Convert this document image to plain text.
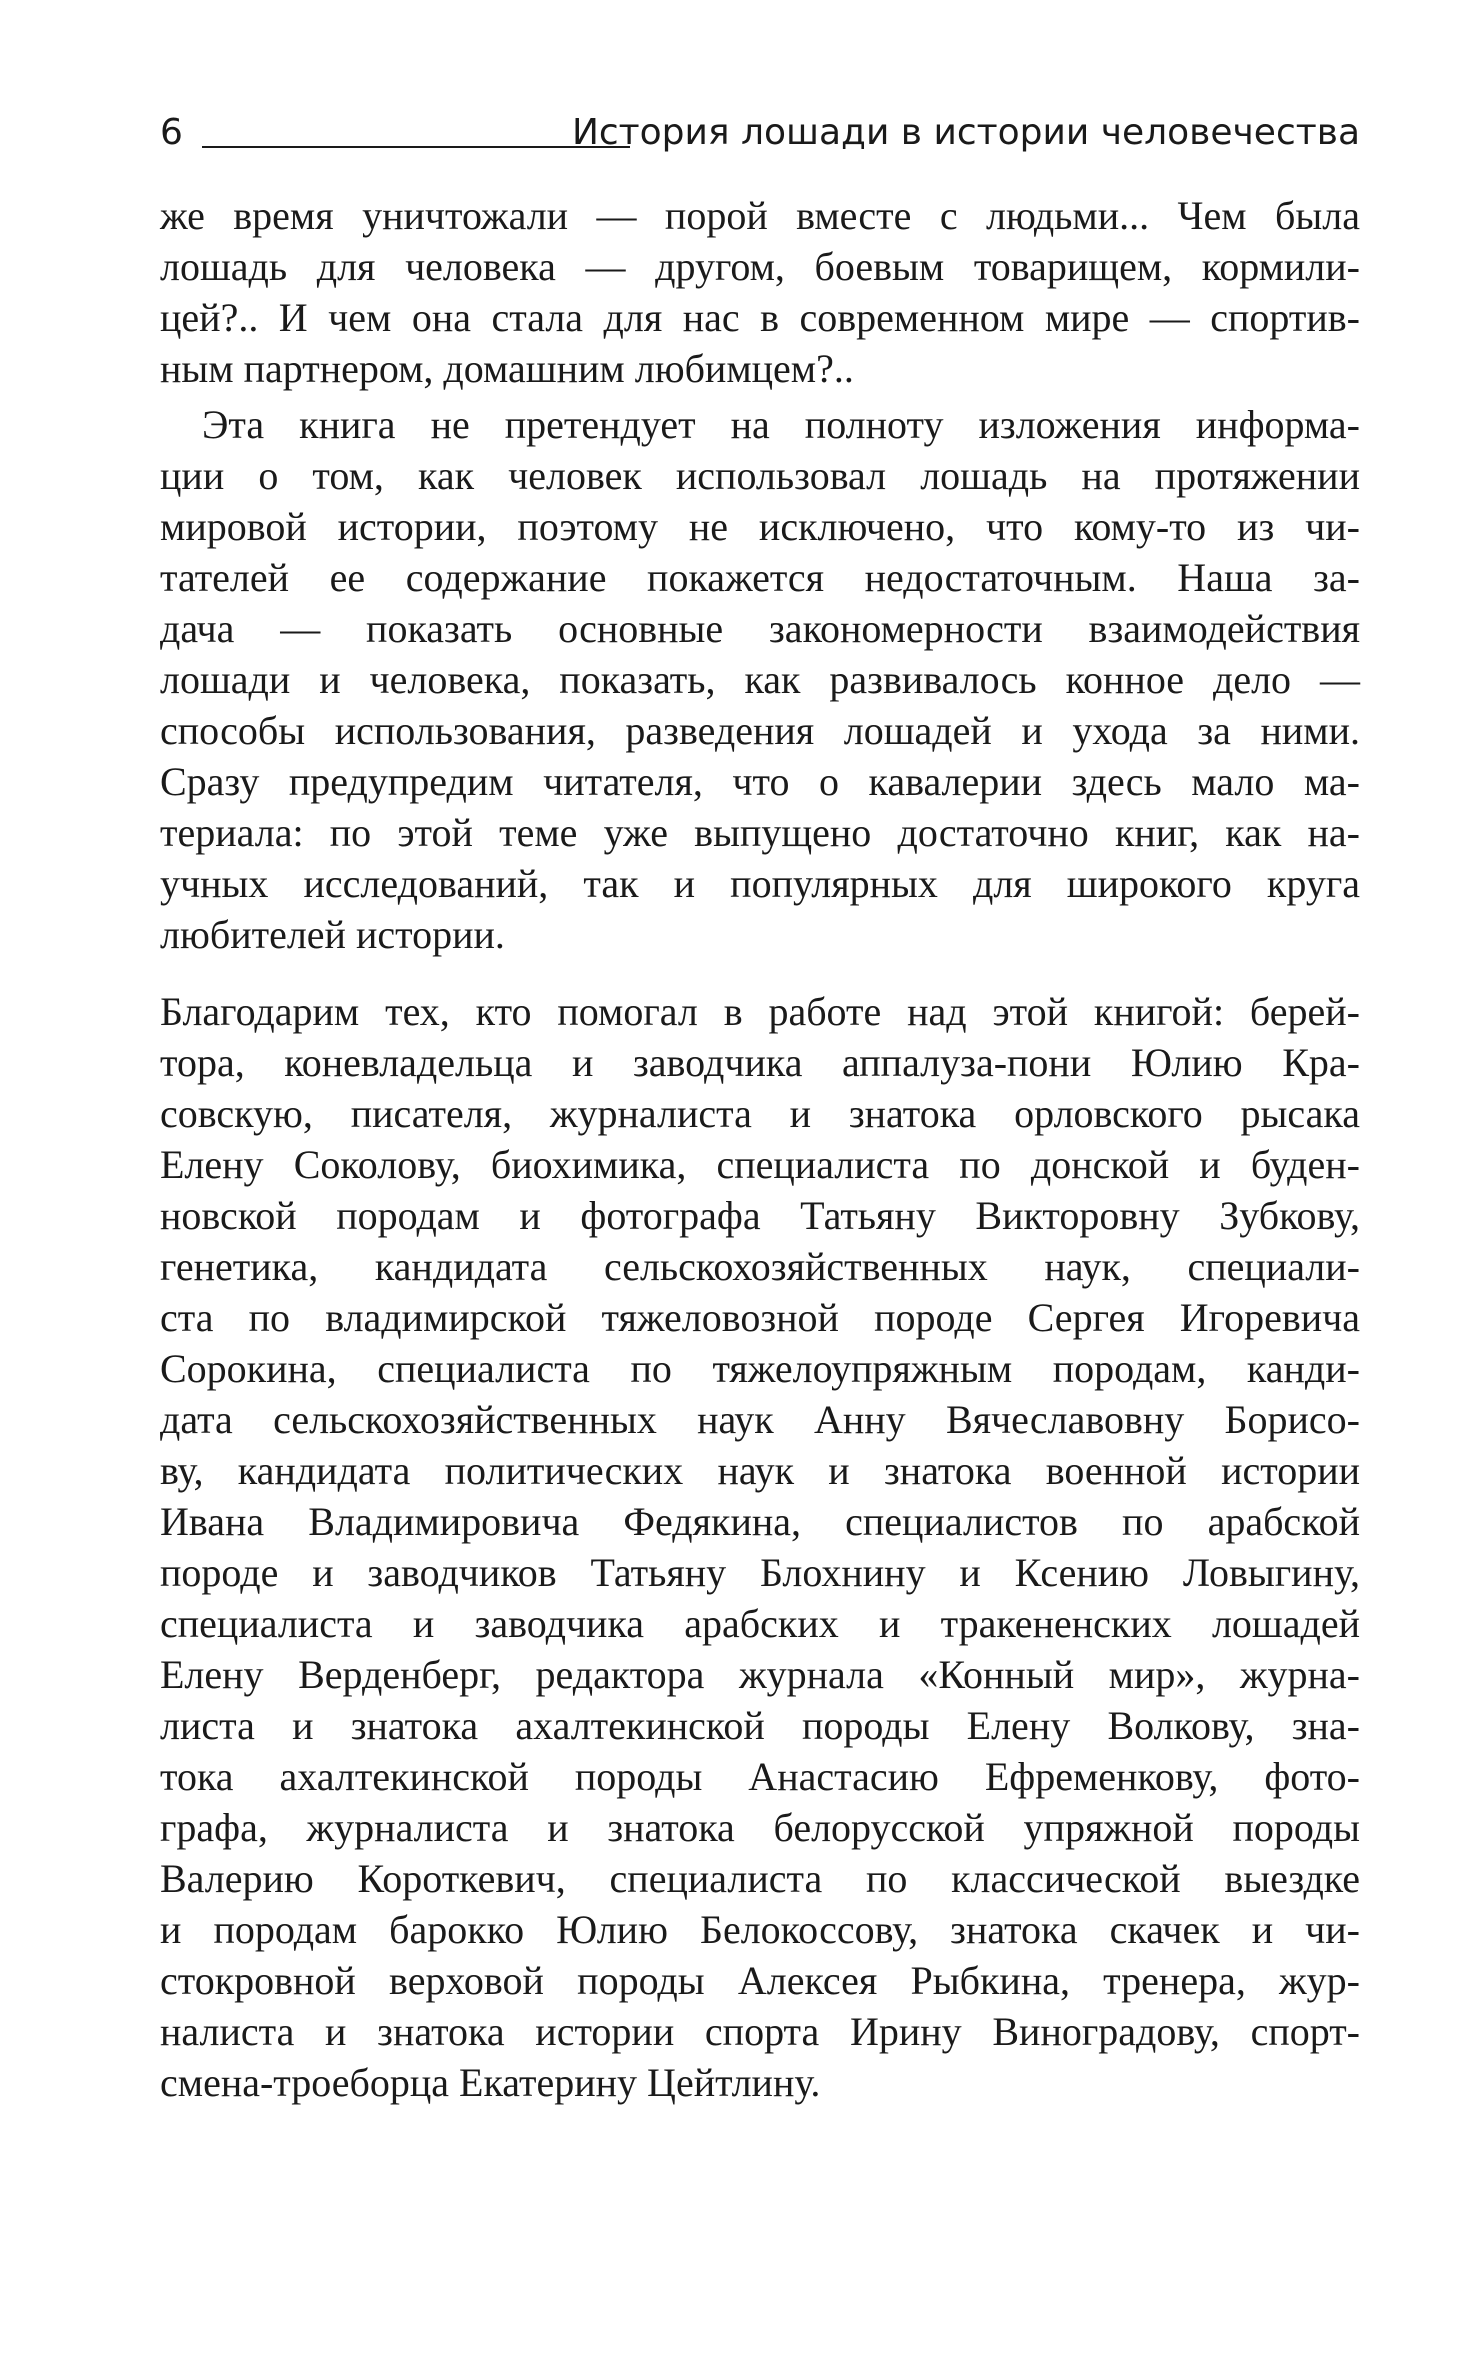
6	История лошади в истории человечества
же время уничтожали — порой вместе с людьми... Чем была
лошадь для человека — другом, боевым товарищем, кормили-
цей?.. И чем она стала для нас в современном мире — спортив-
ным партнером, домашним любимцем?..
Эта книга не претендует на полноту изложения информа-
ции о том, как человек использовал лошадь на протяжении
мировой истории, поэтому не исключено, что кому-то из чи-
тателей ее содержание покажется недостаточным. Наша за-
дача — показать основные закономерности взаимодействия
лошади и человека, показать, как развивалось конное дело —
способы использования, разведения лошадей и ухода за ними.
Сразу предупредим читателя, что о кавалерии здесь мало ма-
териала: по этой теме уже выпущено достаточно книг, как на-
учных исследований, так и популярных для широкого круга
любителей истории.
Благодарим тех, кто помогал в работе над этой книгой: берей-
тора, коневладельца и заводчика аппалуза-пони Юлию Кра-
совскую, писателя, журналиста и знатока орловского рысака
Елену Соколову, биохимика, специалиста по донской и буден-
новской породам и фотографа Татьяну Викторовну Зубкову,
генетика, кандидата сельскохозяйственных наук, специали-
ста по владимирской тяжеловозной породе Сергея Игоревича
Сорокина, специалиста по тяжелоупряжным породам, канди-
дата сельскохозяйственных наук Анну Вячеславовну Борисо-
ву, кандидата политических наук и знатока военной истории
Ивана Владимировича Федякина, специалистов по арабской
породе и заводчиков Татьяну Блохнину и Ксению Ловыгину,
специалиста и заводчика арабских и тракененских лошадей
Елену Верденберг, редактора журнала «Конный мир», журна-
листа и знатока ахалтекинской породы Елену Волкову, зна-
тока ахалтекинской породы Анастасию Ефременкову, фото-
графа, журналиста и знатока белорусской упряжной породы
Валерию Короткевич, специалиста по классической выездке
и породам барокко Юлию Белокоссову, знатока скачек и чи-
стокровной верховой породы Алексея Рыбкина, тренера, жур-
налиста и знатока истории спорта Ирину Виноградову, спорт-
смена-троеборца Екатерину Цейтлину.
